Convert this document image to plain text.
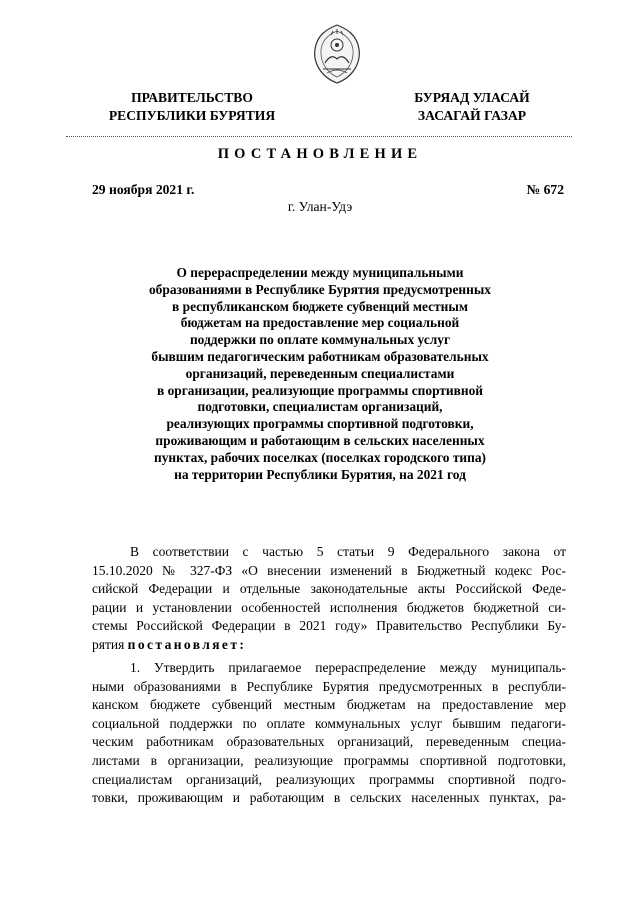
ПРАВИТЕЛЬСТВО
РЕСПУБЛИКИ БУРЯТИЯ
БУРЯАД УЛАСАЙ
ЗАСАГАЙ ГАЗАР
ПОСТАНОВЛЕНИЕ
29 ноября 2021 г.	№ 672
г. Улан-Удэ
О перераспределении между муниципальными
образованиями в Республике Бурятия предусмотренных
в республиканском бюджете субвенций местным
бюджетам на предоставление мер социальной
поддержки по оплате коммунальных услуг
бывшим педагогическим работникам образовательных
организаций, переведенным специалистами
в организации, реализующие программы спортивной
подготовки, специалистам организаций,
реализующих программы спортивной подготовки,
проживающим и работающим в сельских населенных
пунктах, рабочих поселках (поселках городского типа)
на территории Республики Бурятия, на 2021 год
В соответствии с частью 5 статьи 9 Федерального закона от
15.10.2020 № 327-ФЗ «О внесении изменений в Бюджетный кодекс Рос-
сийской Федерации и отдельные законодательные акты Российской Феде-
рации и установлении особенностей исполнения бюджетов бюджетной си-
стемы Российской Федерации в 2021 году» Правительство Республики Бу-
рятия постановляет:
1. Утвердить прилагаемое перераспределение между муниципаль-
ными образованиями в Республике Бурятия предусмотренных в республи-
канском бюджете субвенций местным бюджетам на предоставление мер
социальной поддержки по оплате коммунальных услуг бывшим педагоги-
ческим работникам образовательных организаций, переведенным специа-
листами в организации, реализующие программы спортивной подготовки,
специалистам организаций, реализующих программы спортивной подго-
товки, проживающим и работающим в сельских населенных пунктах, ра-
